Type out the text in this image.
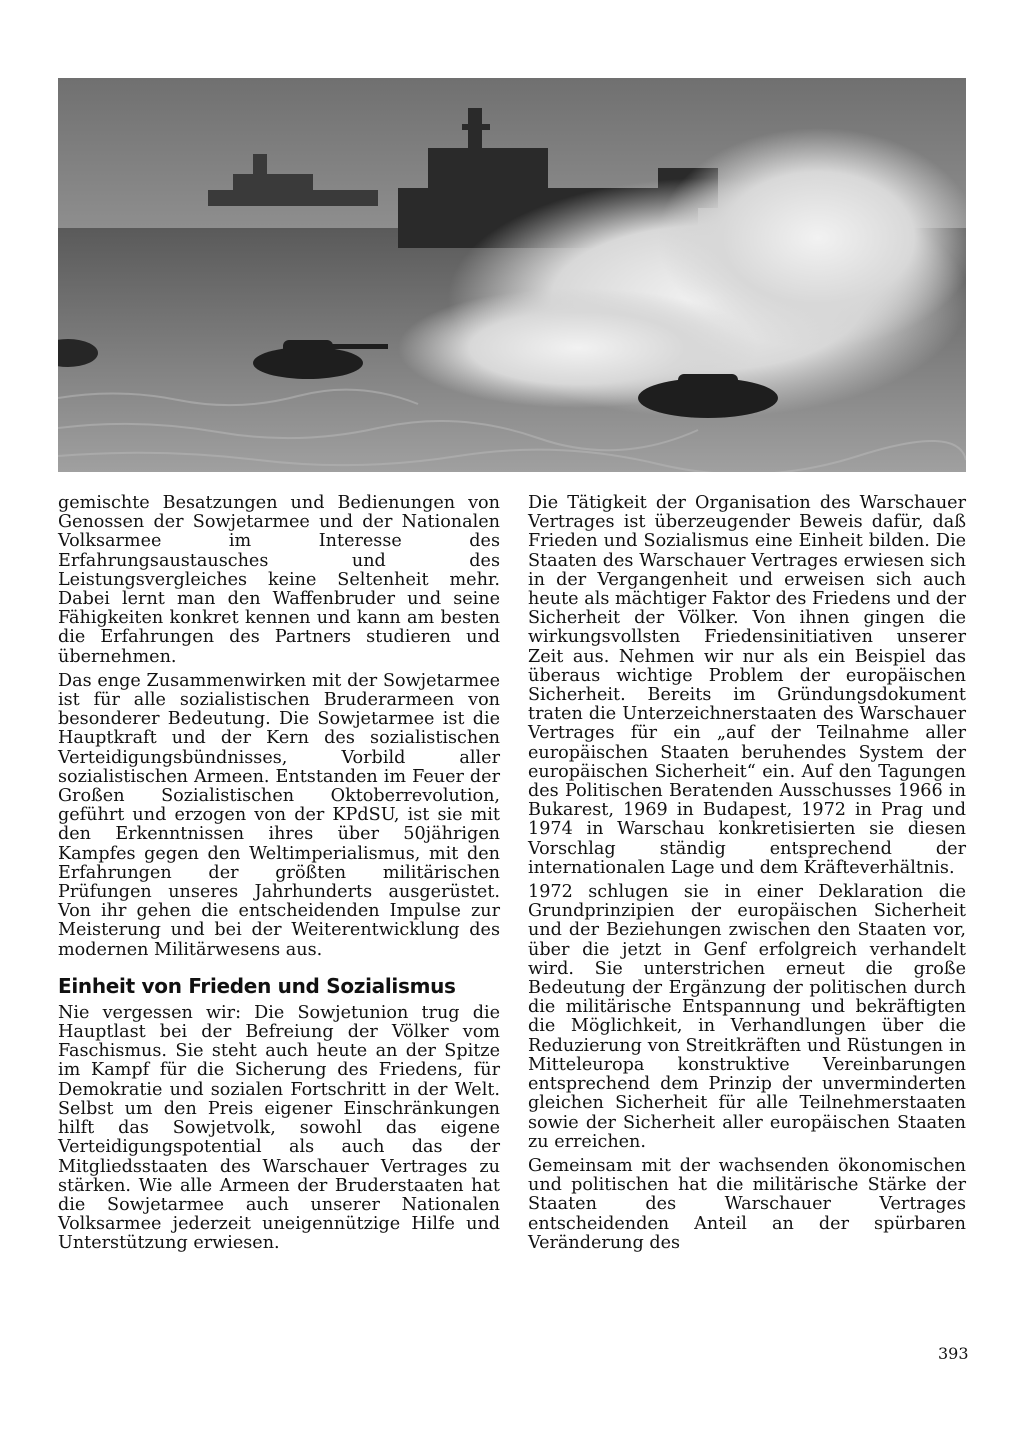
gemischte Besatzungen und Bedienungen von Genossen der Sowjetarmee und der Nationalen Volksarmee im Interesse des Erfahrungsaustausches und des Leistungsvergleiches keine Seltenheit mehr. Dabei lernt man den Waffenbruder und seine Fähigkeiten konkret kennen und kann am besten die Erfahrungen des Partners studieren und übernehmen.

Das enge Zusammenwirken mit der Sowjetarmee ist für alle sozialistischen Bruderarmeen von besonderer Bedeutung. Die Sowjetarmee ist die Hauptkraft und der Kern des sozialistischen Verteidigungsbündnisses, Vorbild aller sozialistischen Armeen. Entstanden im Feuer der Großen Sozialistischen Oktoberrevolution, geführt und erzogen von der KPdSU, ist sie mit den Erkenntnissen ihres über 50jährigen Kampfes gegen den Weltimperialismus, mit den Erfahrungen der größten militärischen Prüfungen unseres Jahrhunderts ausgerüstet. Von ihr gehen die entscheidenden Impulse zur Meisterung und bei der Weiterentwicklung des modernen Militärwesens aus.

Einheit von Frieden und Sozialismus

Nie vergessen wir: Die Sowjetunion trug die Hauptlast bei der Befreiung der Völker vom Faschismus. Sie steht auch heute an der Spitze im Kampf für die Sicherung des Friedens, für Demokratie und sozialen Fortschritt in der Welt. Selbst um den Preis eigener Einschränkungen hilft das Sowjetvolk, sowohl das eigene Verteidigungspotential als auch das der Mitgliedsstaaten des Warschauer Vertrages zu stärken. Wie alle Armeen der Bruderstaaten hat die Sowjetarmee auch unserer Nationalen Volksarmee jederzeit uneigennützige Hilfe und Unterstützung erwiesen.

Die Tätigkeit der Organisation des Warschauer Vertrages ist überzeugender Beweis dafür, daß Frieden und Sozialismus eine Einheit bilden. Die Staaten des Warschauer Vertrages erwiesen sich in der Vergangenheit und erweisen sich auch heute als mächtiger Faktor des Friedens und der Sicherheit der Völker. Von ihnen gingen die wirkungsvollsten Friedensinitiativen unserer Zeit aus. Nehmen wir nur als ein Beispiel das überaus wichtige Problem der europäischen Sicherheit. Bereits im Gründungsdokument traten die Unterzeichnerstaaten des Warschauer Vertrages für ein „auf der Teilnahme aller europäischen Staaten beruhendes System der europäischen Sicherheit“ ein. Auf den Tagungen des Politischen Beratenden Ausschusses 1966 in Bukarest, 1969 in Budapest, 1972 in Prag und 1974 in Warschau konkretisierten sie diesen Vorschlag ständig entsprechend der internationalen Lage und dem Kräfteverhältnis.

1972 schlugen sie in einer Deklaration die Grundprinzipien der europäischen Sicherheit und der Beziehungen zwischen den Staaten vor, über die jetzt in Genf erfolgreich verhandelt wird. Sie unterstrichen erneut die große Bedeutung der Ergänzung der politischen durch die militärische Entspannung und bekräftigten die Möglichkeit, in Verhandlungen über die Reduzierung von Streitkräften und Rüstungen in Mitteleuropa konstruktive Vereinbarungen entsprechend dem Prinzip der unverminderten gleichen Sicherheit für alle Teilnehmerstaaten sowie der Sicherheit aller europäischen Staaten zu erreichen.

Gemeinsam mit der wachsenden ökonomischen und politischen hat die militärische Stärke der Staaten des Warschauer Vertrages entscheidenden Anteil an der spürbaren Veränderung des

393
